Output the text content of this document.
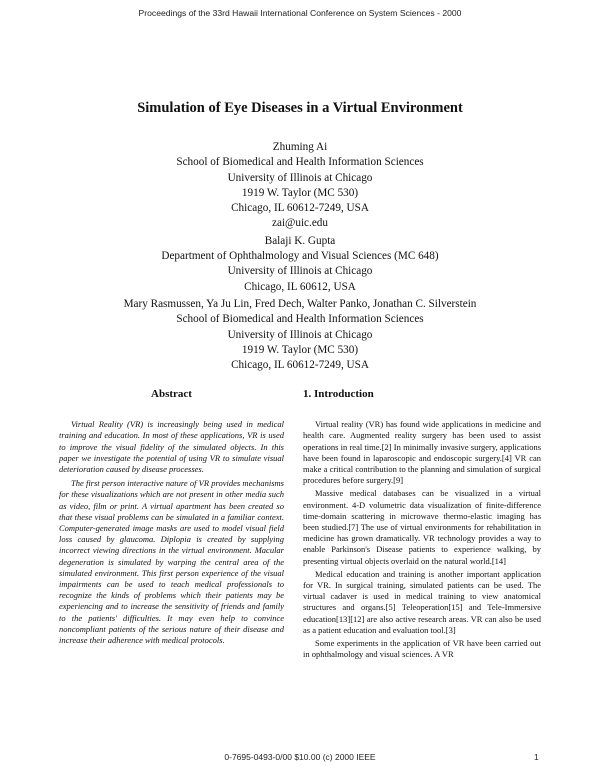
Proceedings of the 33rd Hawaii International Conference on System Sciences - 2000
Simulation of Eye Diseases in a Virtual Environment
Zhuming Ai
School of Biomedical and Health Information Sciences
University of Illinois at Chicago
1919 W. Taylor (MC 530)
Chicago, IL 60612-7249, USA
zai@uic.edu
Balaji K. Gupta
Department of Ophthalmology and Visual Sciences (MC 648)
University of Illinois at Chicago
Chicago, IL 60612, USA
Mary Rasmussen, Ya Ju Lin, Fred Dech, Walter Panko, Jonathan C. Silverstein
School of Biomedical and Health Information Sciences
University of Illinois at Chicago
1919 W. Taylor (MC 530)
Chicago, IL 60612-7249, USA
Abstract

Virtual Reality (VR) is increasingly being used in medical training and education. In most of these applications, VR is used to improve the visual fidelity of the simulated objects. In this paper we investigate the potential of using VR to simulate visual deterioration caused by disease processes.

The first person interactive nature of VR provides mechanisms for these visualizations which are not present in other media such as video, film or print. A virtual apartment has been created so that these visual problems can be simulated in a familiar context. Computer-generated image masks are used to model visual field loss caused by glaucoma. Diplopia is created by supplying incorrect viewing directions in the virtual environment. Macular degeneration is simulated by warping the central area of the simulated environment. This first person experience of the visual impairments can be used to teach medical professionals to recognize the kinds of problems which their patients may be experiencing and to increase the sensitivity of friends and family to the patients' difficulties. It may even help to convince noncompliant patients of the serious nature of their disease and increase their adherence with medical protocols.

1. Introduction

Virtual reality (VR) has found wide applications in medicine and health care. Augmented reality surgery has been used to assist operations in real time.[2] In minimally invasive surgery, applications have been found in laparoscopic and endoscopic surgery.[4] VR can make a critical contribution to the planning and simulation of surgical procedures before surgery.[9]

Massive medical databases can be visualized in a virtual environment. 4-D volumetric data visualization of finite-difference time-domain scattering in microwave thermo-elastic imaging has been studied.[7] The use of virtual environments for rehabilitation in medicine has grown dramatically. VR technology provides a way to enable Parkinson's Disease patients to experience walking, by presenting virtual objects overlaid on the natural world.[14]

Medical education and training is another important application for VR. In surgical training, simulated patients can be used. The virtual cadaver is used in medical training to view anatomical structures and organs.[5] Teleoperation[15] and Tele-Immersive education[13][12] are also active research areas. VR can also be used as a patient education and evaluation tool.[3]

Some experiments in the application of VR have been carried out in ophthalmology and visual sciences. A VR

0-7695-0493-0/00 $10.00 (c) 2000 IEEE	1
